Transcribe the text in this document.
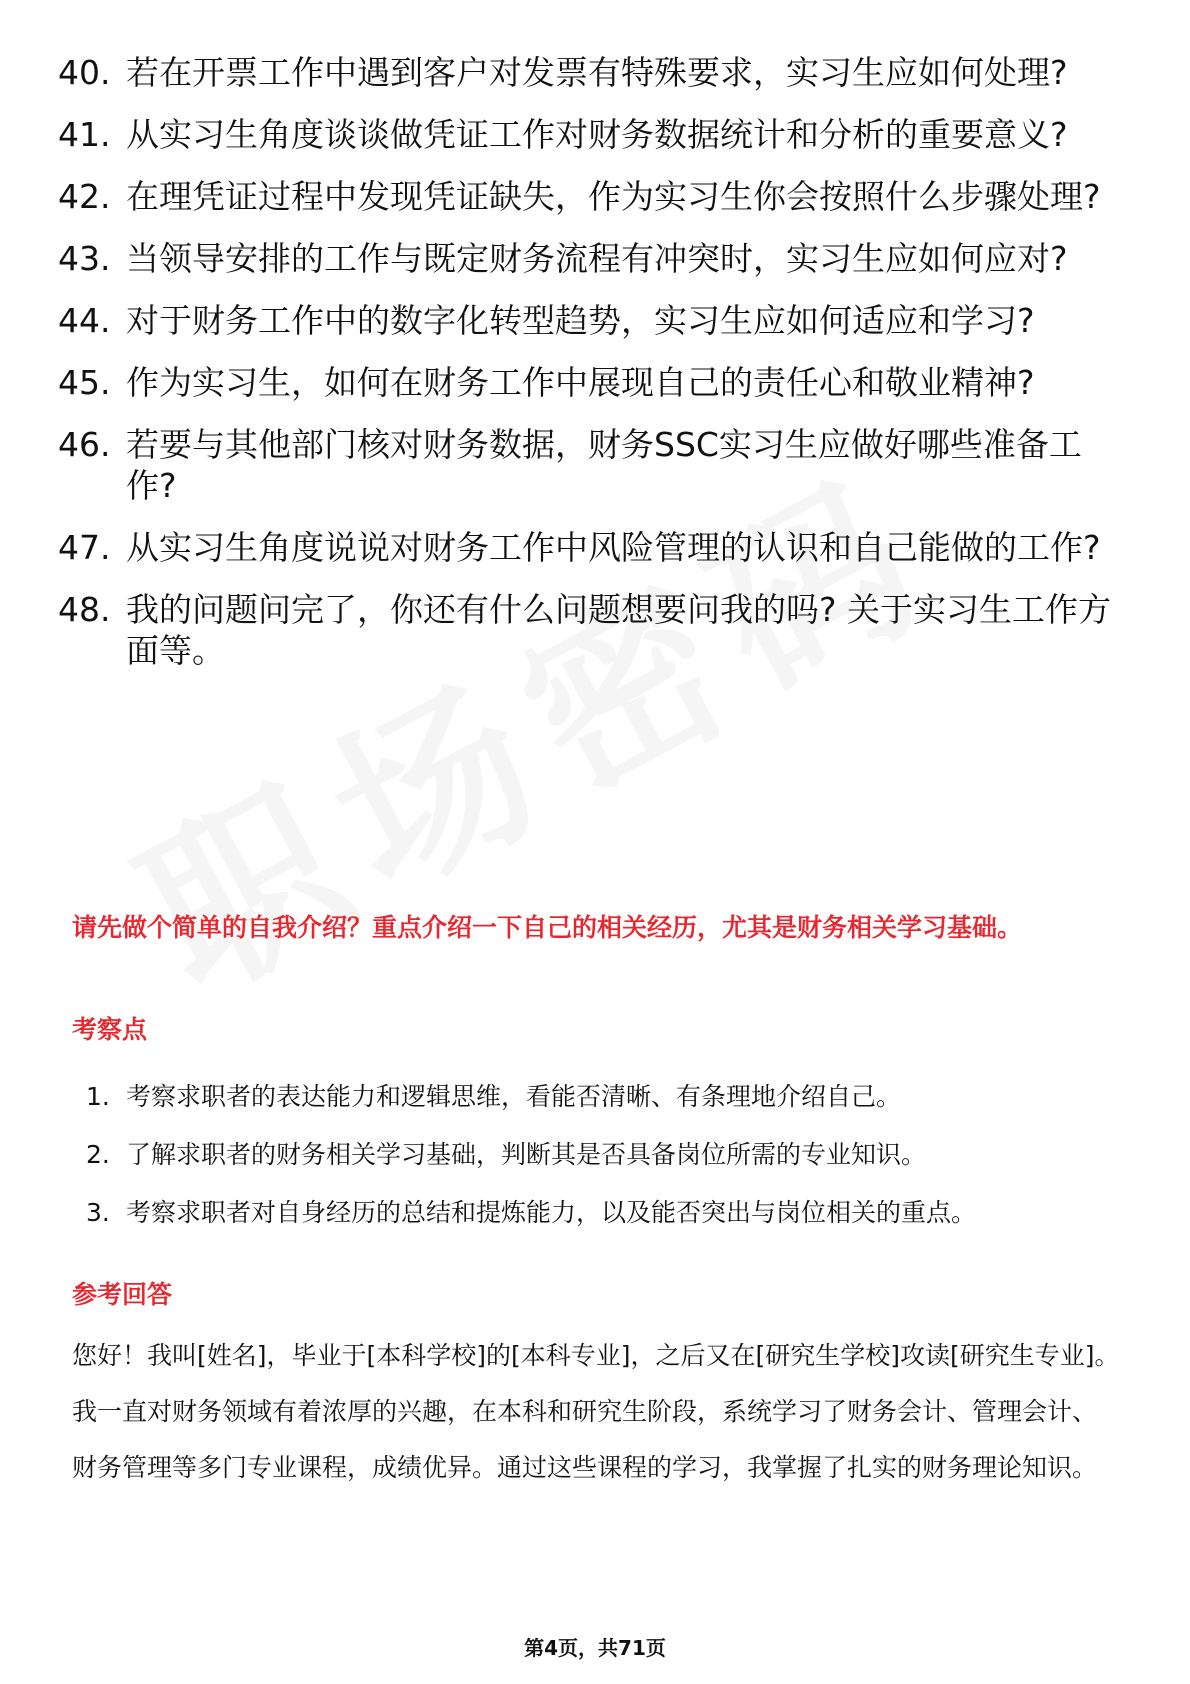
40. 若在开票工作中遇到客户对发票有特殊要求，实习生应如何处理?
41. 从实习生角度谈谈做凭证工作对财务数据统计和分析的重要意义?
42. 在理凭证过程中发现凭证缺失，作为实习生你会按照什么步骤处理?
43. 当领导安排的工作与既定财务流程有冲突时，实习生应如何应对?
44. 对于财务工作中的数字化转型趋势，实习生应如何适应和学习?
45. 作为实习生，如何在财务工作中展现自己的责任心和敬业精神?
46. 若要与其他部门核对财务数据，财务SSC实习生应做好哪些准备工作?
47. 从实习生角度说说对财务工作中风险管理的认识和自己能做的工作?
48. 我的问题问完了，你还有什么问题想要问我的吗? 关于实习生工作方面等。
请先做个简单的自我介绍？重点介绍一下自己的相关经历，尤其是财务相关学习基础。
考察点
1. 考察求职者的表达能力和逻辑思维，看能否清晰、有条理地介绍自己。
2. 了解求职者的财务相关学习基础，判断其是否具备岗位所需的专业知识。
3. 考察求职者对自身经历的总结和提炼能力，以及能否突出与岗位相关的重点。
参考回答

您好！我叫[姓名]，毕业于[本科学校]的[本科专业]，之后又在[研究生学校]攻读[研究生专业]。我一直对财务领域有着浓厚的兴趣，在本科和研究生阶段，系统学习了财务会计、管理会计、财务管理等多门专业课程，成绩优异。通过这些课程的学习，我掌握了扎实的财务理论知识。

第4页，共71页
